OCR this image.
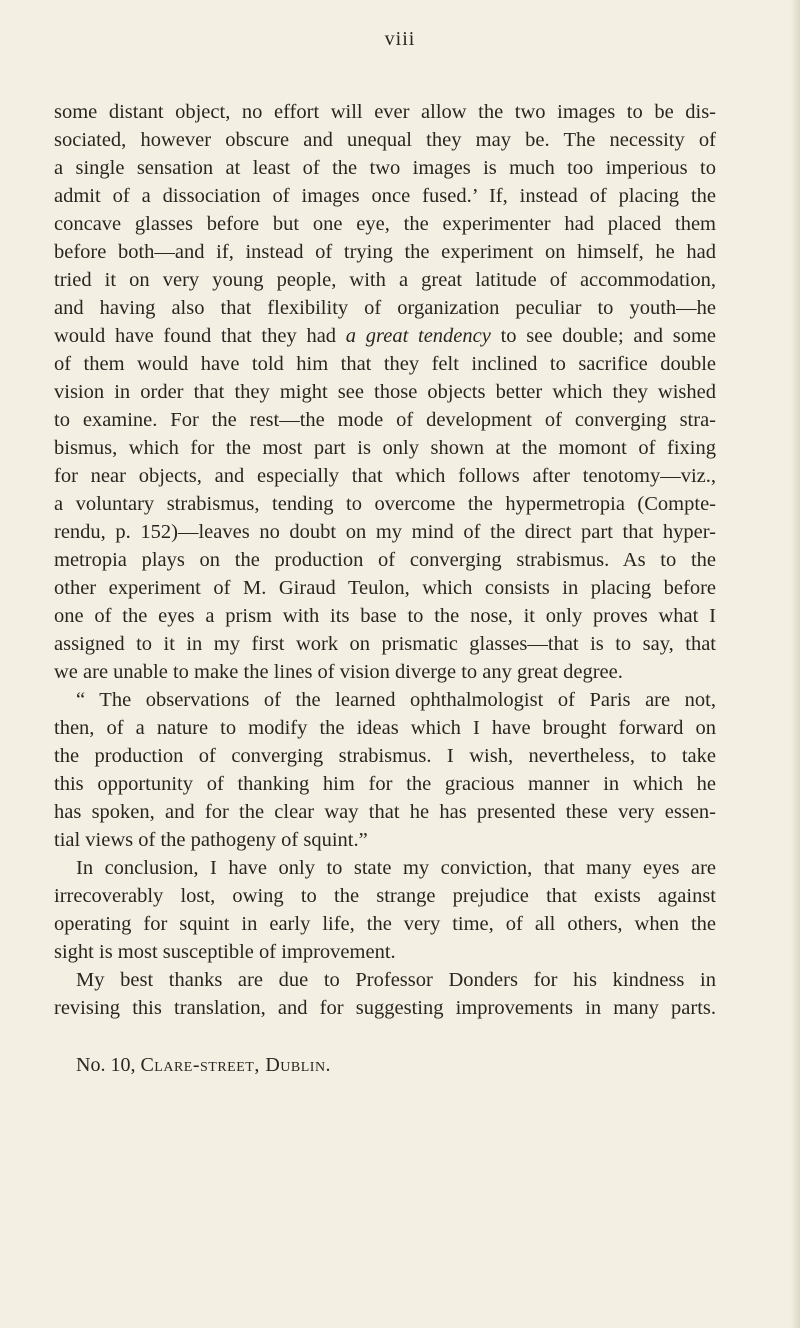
viii
some distant object, no effort will ever allow the two images to be dis-
sociated, however obscure and unequal they may be. The necessity of
a single sensation at least of the two images is much too imperious to
admit of a dissociation of images once fused.’ If, instead of placing the
concave glasses before but one eye, the experimenter had placed them
before both—and if, instead of trying the experiment on himself, he had
tried it on very young people, with a great latitude of accommodation,
and having also that flexibility of organization peculiar to youth—he
would have found that they had a great tendency to see double; and some
of them would have told him that they felt inclined to sacrifice double
vision in order that they might see those objects better which they wished
to examine. For the rest—the mode of development of converging stra-
bismus, which for the most part is only shown at the momont of fixing
for near objects, and especially that which follows after tenotomy—viz.,
a voluntary strabismus, tending to overcome the hypermetropia (Compte-
rendu, p. 152)—leaves no doubt on my mind of the direct part that hyper-
metropia plays on the production of converging strabismus. As to the
other experiment of M. Giraud Teulon, which consists in placing before
one of the eyes a prism with its base to the nose, it only proves what I
assigned to it in my first work on prismatic glasses—that is to say, that
we are unable to make the lines of vision diverge to any great degree.
“ The observations of the learned ophthalmologist of Paris are not,
then, of a nature to modify the ideas which I have brought forward on
the production of converging strabismus. I wish, nevertheless, to take
this opportunity of thanking him for the gracious manner in which he
has spoken, and for the clear way that he has presented these very essen-
tial views of the pathogeny of squint.”
In conclusion, I have only to state my conviction, that many eyes are
irrecoverably lost, owing to the strange prejudice that exists against
operating for squint in early life, the very time, of all others, when the
sight is most susceptible of improvement.
My best thanks are due to Professor Donders for his kindness in
revising this translation, and for suggesting improvements in many parts.
No. 10, Clare-street, Dublin.
